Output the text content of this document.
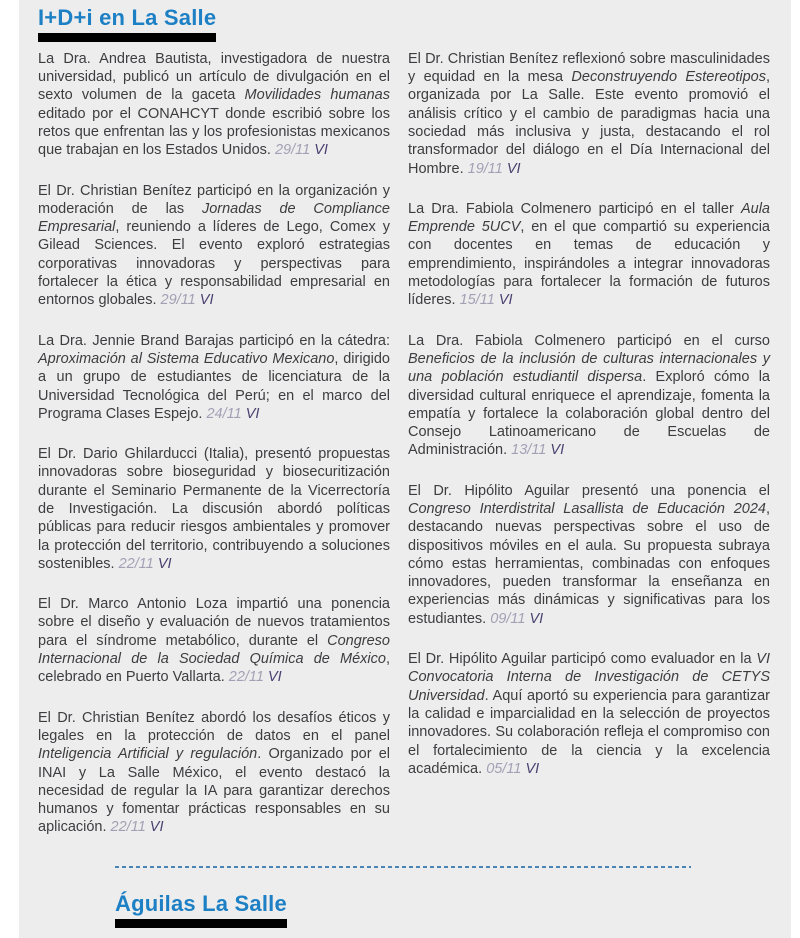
I+D+i en La Salle

La Dra. Andrea Bautista, investigadora de nuestra universidad, publicó un artículo de divulgación en el sexto volumen de la gaceta Movilidades humanas editado por el CONAHCYT donde escribió sobre los retos que enfrentan las y los profesionistas mexicanos que trabajan en los Estados Unidos. 29/11 VI

El Dr. Christian Benítez participó en la organización y moderación de las Jornadas de Compliance Empresarial, reuniendo a líderes de Lego, Comex y Gilead Sciences. El evento exploró estrategias corporativas innovadoras y perspectivas para fortalecer la ética y responsabilidad empresarial en entornos globales. 29/11 VI

La Dra. Jennie Brand Barajas participó en la cátedra: Aproximación al Sistema Educativo Mexicano, dirigido a un grupo de estudiantes de licenciatura de la Universidad Tecnológica del Perú; en el marco del Programa Clases Espejo. 24/11 VI

El Dr. Dario Ghilarducci (Italia), presentó propuestas innovadoras sobre bioseguridad y biosecuritización durante el Seminario Permanente de la Vicerrectoría de Investigación. La discusión abordó políticas públicas para reducir riesgos ambientales y promover la protección del territorio, contribuyendo a soluciones sostenibles. 22/11 VI

El Dr. Marco Antonio Loza impartió una ponencia sobre el diseño y evaluación de nuevos tratamientos para el síndrome metabólico, durante el Congreso Internacional de la Sociedad Química de México, celebrado en Puerto Vallarta. 22/11 VI

El Dr. Christian Benítez abordó los desafíos éticos y legales en la protección de datos en el panel Inteligencia Artificial y regulación. Organizado por el INAI y La Salle México, el evento destacó la necesidad de regular la IA para garantizar derechos humanos y fomentar prácticas responsables en su aplicación. 22/11 VI

El Dr. Christian Benítez reflexionó sobre masculinidades y equidad en la mesa Deconstruyendo Estereotipos, organizada por La Salle. Este evento promovió el análisis crítico y el cambio de paradigmas hacia una sociedad más inclusiva y justa, destacando el rol transformador del diálogo en el Día Internacional del Hombre. 19/11 VI

La Dra. Fabiola Colmenero participó en el taller Aula Emprende 5UCV, en el que compartió su experiencia con docentes en temas de educación y emprendimiento, inspirándoles a integrar innovadoras metodologías para fortalecer la formación de futuros líderes. 15/11 VI

La Dra. Fabiola Colmenero participó en el curso Beneficios de la inclusión de culturas internacionales y una población estudiantil dispersa. Exploró cómo la diversidad cultural enriquece el aprendizaje, fomenta la empatía y fortalece la colaboración global dentro del Consejo Latinoamericano de Escuelas de Administración. 13/11 VI

El Dr. Hipólito Aguilar presentó una ponencia el Congreso Interdistrital Lasallista de Educación 2024, destacando nuevas perspectivas sobre el uso de dispositivos móviles en el aula. Su propuesta subraya cómo estas herramientas, combinadas con enfoques innovadores, pueden transformar la enseñanza en experiencias más dinámicas y significativas para los estudiantes. 09/11 VI

El Dr. Hipólito Aguilar participó como evaluador en la VI Convocatoria Interna de Investigación de CETYS Universidad. Aquí aportó su experiencia para garantizar la calidad e imparcialidad en la selección de proyectos innovadores. Su colaboración refleja el compromiso con el fortalecimiento de la ciencia y la excelencia académica. 05/11 VI

Águilas La Salle
